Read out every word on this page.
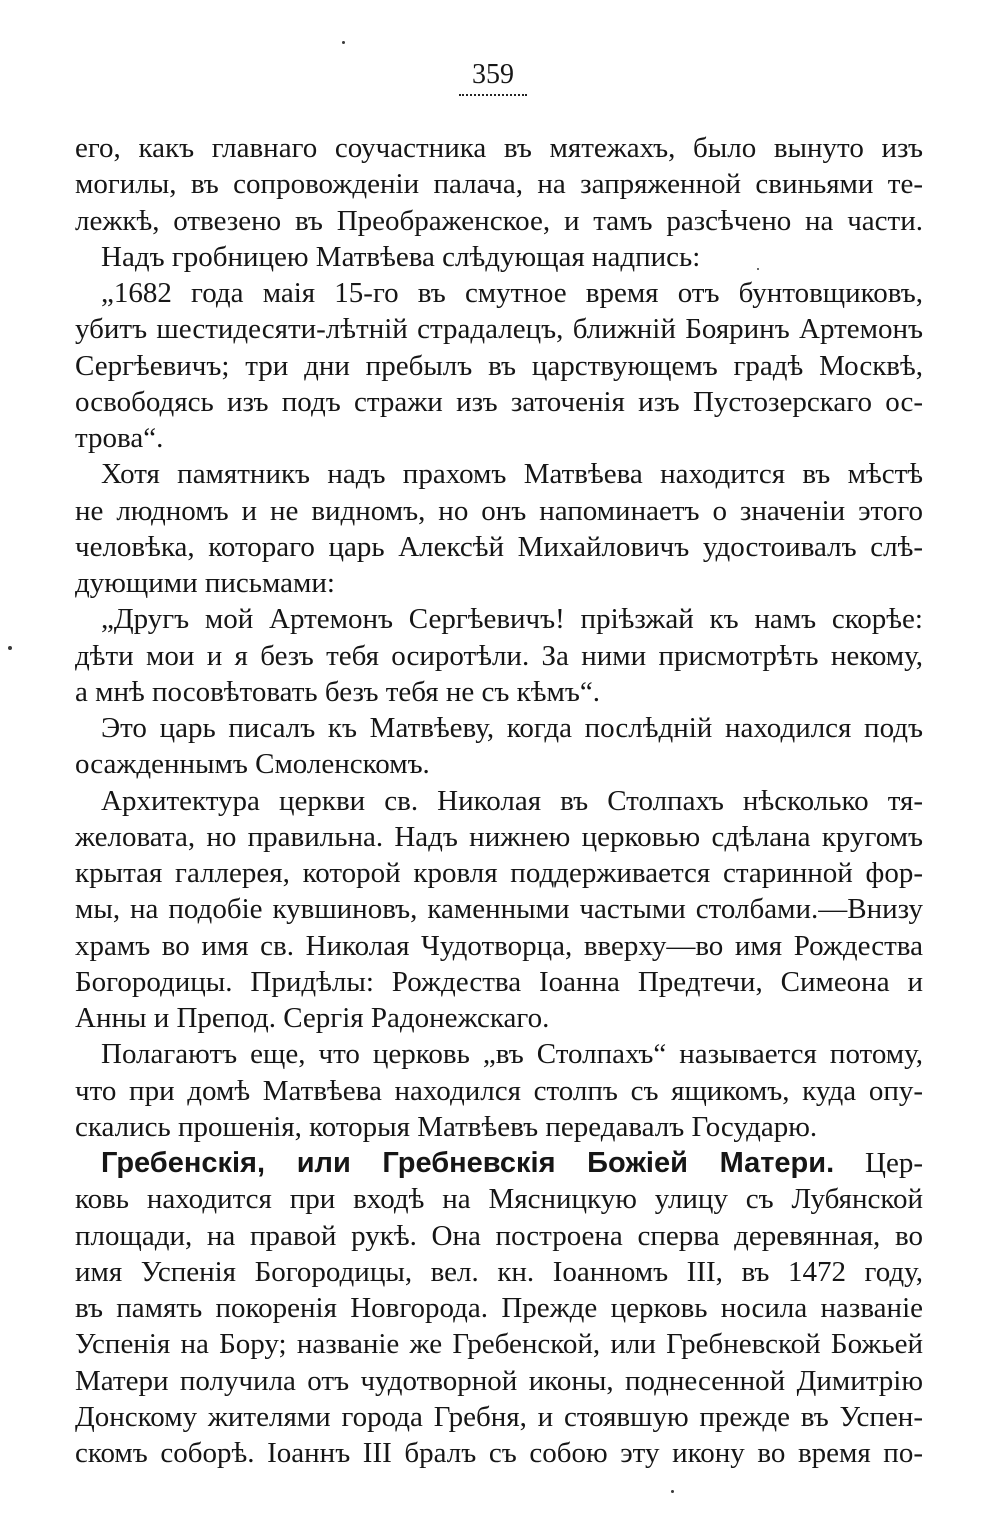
359
его, какъ главнаго соучастника въ мятежахъ, было вынуто изъ
могилы, въ сопровожденіи палача, на запряженной свиньями те-
лежкѣ, отвезено въ Преображенское, и тамъ разсѣчено на части.
Надъ гробницею Матвѣева слѣдующая надпись:
„1682 года маія 15-го въ смутное время отъ бунтовщиковъ,
убитъ шестидесяти-лѣтній страдалецъ, ближній Бояринъ Артемонъ
Сергѣевичъ; три дни пребылъ въ царствующемъ градѣ Москвѣ,
освободясь изъ подъ стражи изъ заточенія изъ Пустозерскаго ос-
трова“.
Хотя памятникъ надъ прахомъ Матвѣева находится въ мѣстѣ
не людномъ и не видномъ, но онъ напоминаетъ о значеніи этого
человѣка, котораго царь Алексѣй Михайловичъ удостоивалъ слѣ-
дующими письмами:
„Другъ мой Артемонъ Сергѣевичъ! пріѣзжай къ намъ скорѣе:
дѣти мои и я безъ тебя осиротѣли. За ними присмотрѣть некому,
а мнѣ посовѣтовать безъ тебя не съ кѣмъ“.
Это царь писалъ къ Матвѣеву, когда послѣдній находился подъ
осажденнымъ Смоленскомъ.
Архитектура церкви св. Николая въ Столпахъ нѣсколько тя-
желовата, но правильна. Надъ нижнею церковью сдѣлана кругомъ
крытая галлерея, которой кровля поддерживается старинной фор-
мы, на подобіе кувшиновъ, каменными частыми столбами.—Внизу
храмъ во имя св. Николая Чудотворца, вверху—во имя Рождества
Богородицы. Придѣлы: Рождества Іоанна Предтечи, Симеона и
Анны и Препод. Сергія Радонежскаго.
Полагаютъ еще, что церковь „въ Столпахъ“ называется потому,
что при домѣ Матвѣева находился столпъ съ ящикомъ, куда опу-
скались прошенія, которыя Матвѣевъ передавалъ Государю.
Гребенскія, или Гребневскія Божіей Матери. Цер-
ковь находится при входѣ на Мясницкую улицу съ Лубянской
площади, на правой рукѣ. Она построена сперва деревянная, во
имя Успенія Богородицы, вел. кн. Іоанномъ III, въ 1472 году,
въ память покоренія Новгорода. Прежде церковь носила названіе
Успенія на Бору; названіе же Гребенской, или Гребневской Божьей
Матери получила отъ чудотворной иконы, поднесенной Димитрію
Донскому жителями города Гребня, и стоявшую прежде въ Успен-
скомъ соборѣ. Іоаннъ III бралъ съ собою эту икону во время по-
